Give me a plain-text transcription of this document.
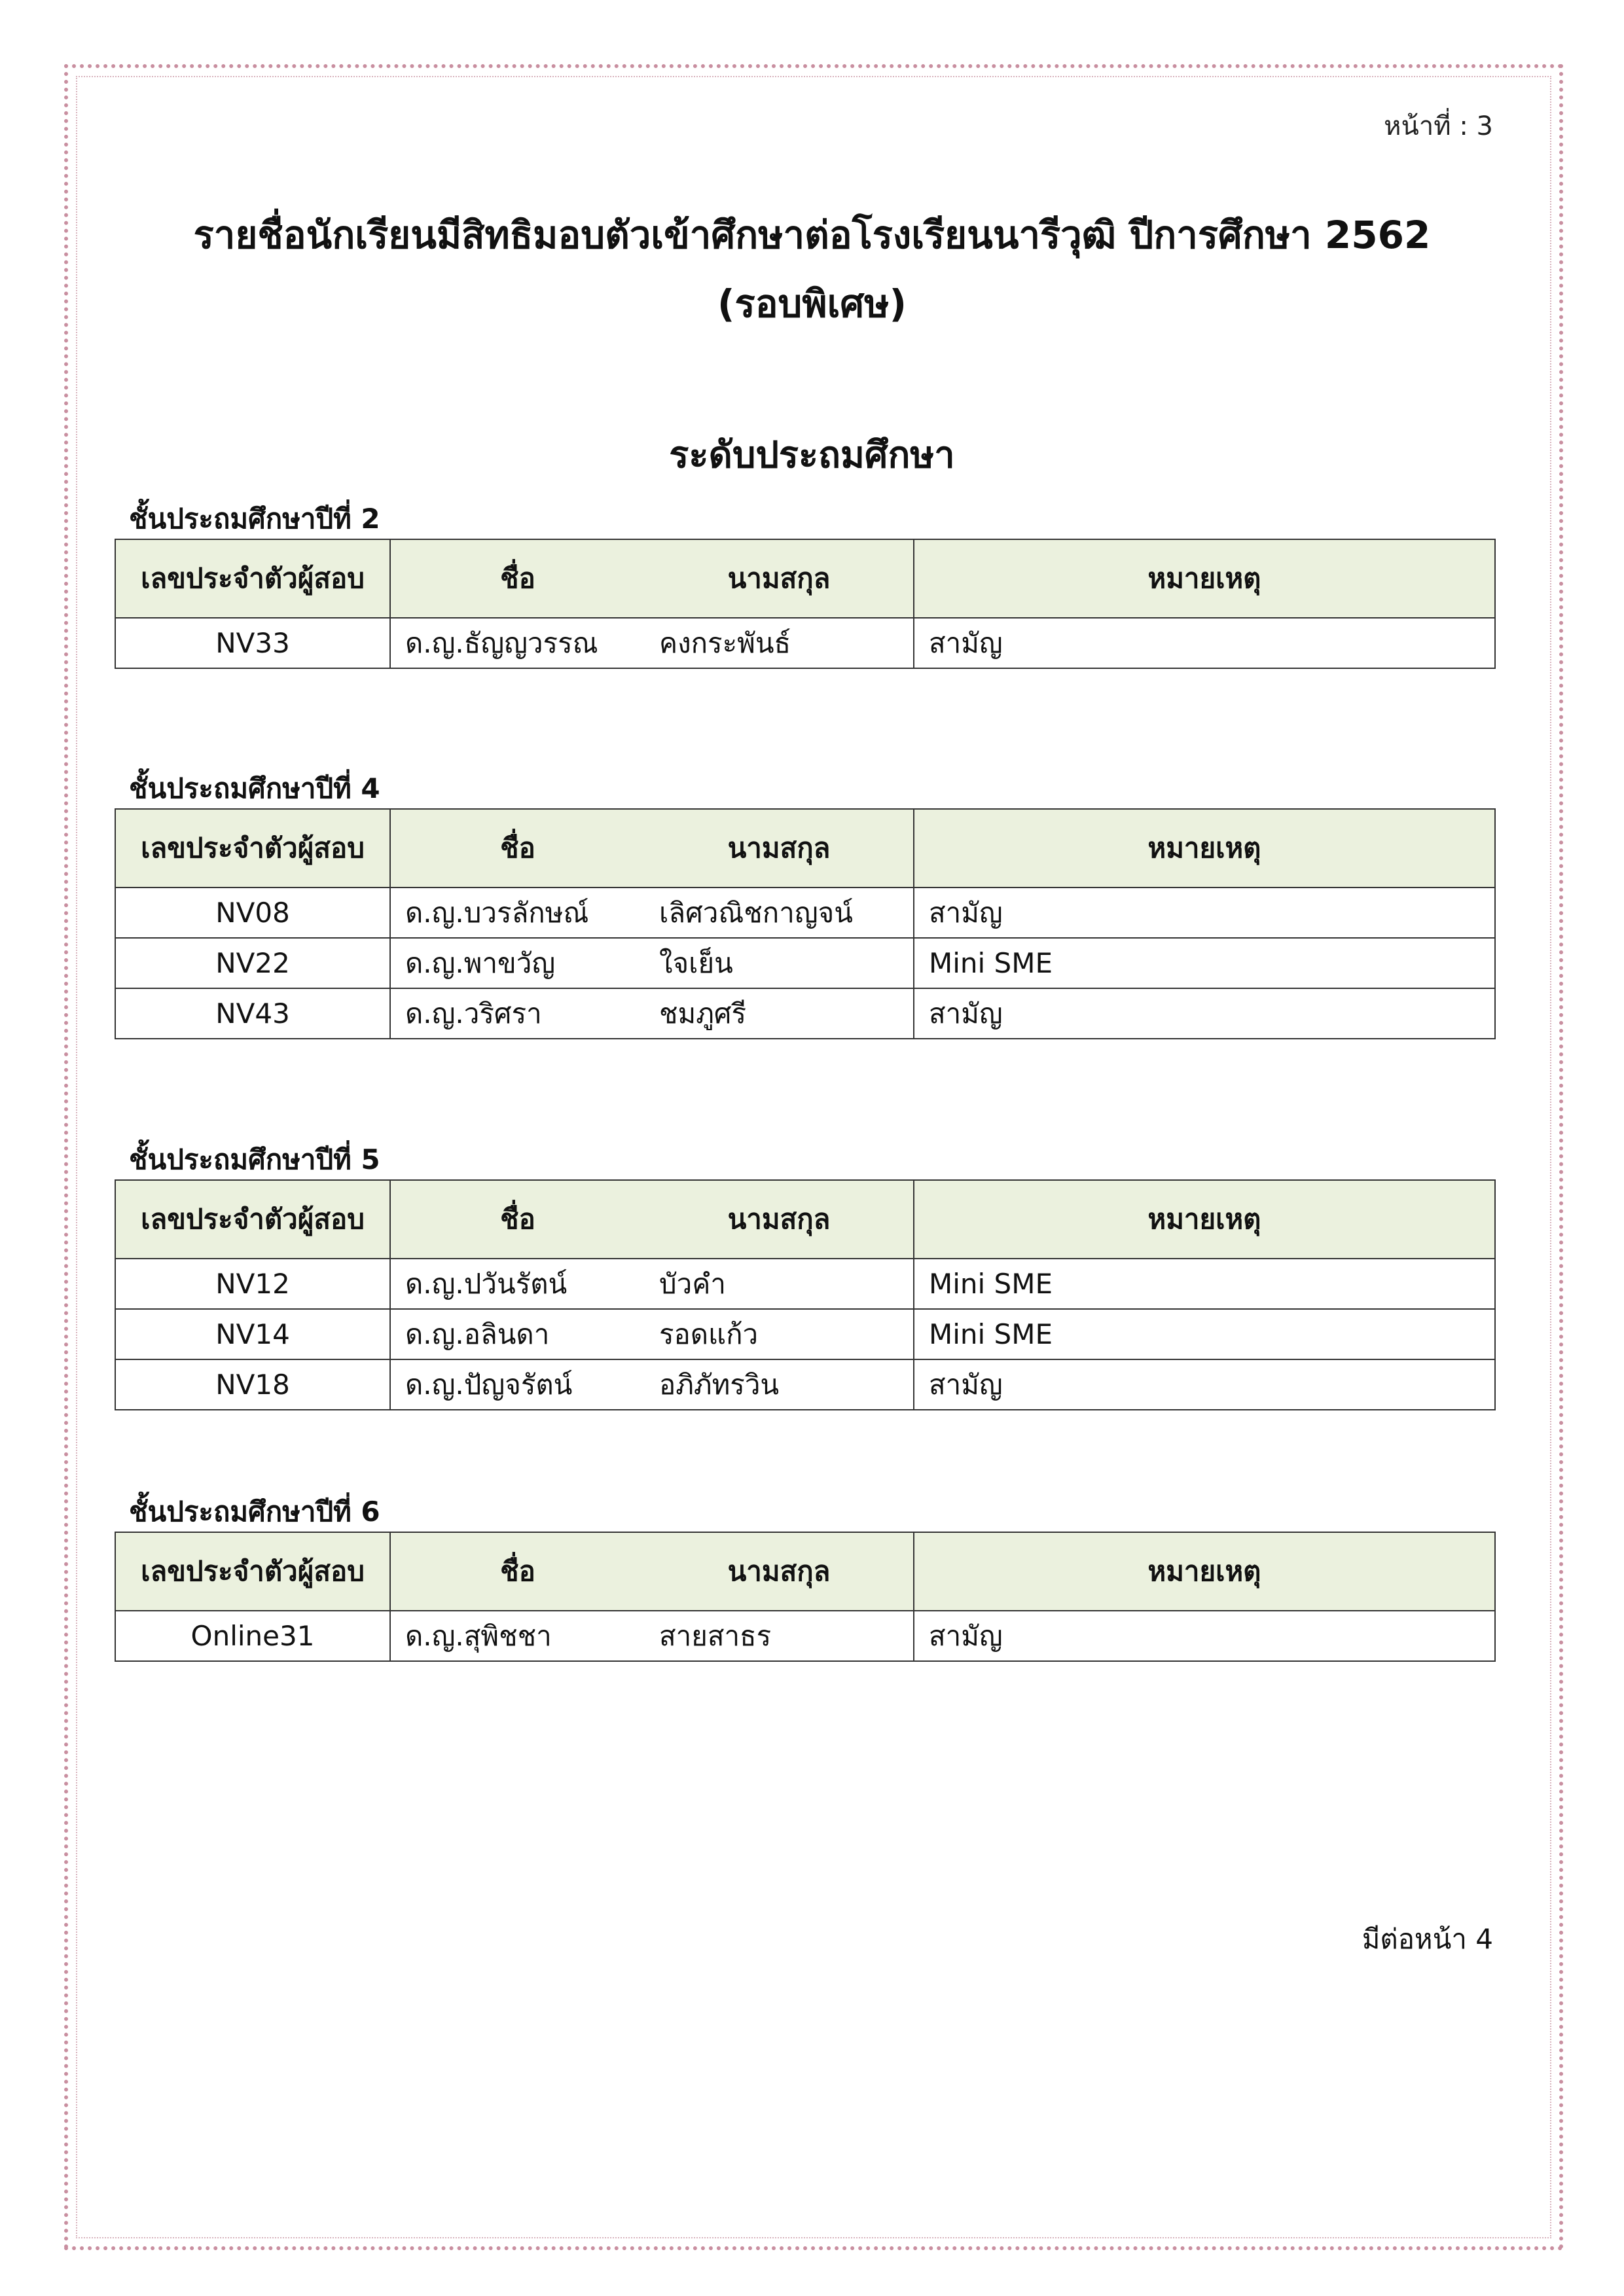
หน้าที่ : 3
รายชื่อนักเรียนมีสิทธิมอบตัวเข้าศึกษาต่อโรงเรียนนารีวุฒิ ปีการศึกษา 2562
(รอบพิเศษ)
ระดับประถมศึกษา
ชั้นประถมศึกษาปีที่ 2
เลขประจำตัวผู้สอบ	ชื่อ	นามสกุล	หมายเหตุ
NV33	ด.ญ.ธัญญวรรณ	คงกระพันธ์	สามัญ
ชั้นประถมศึกษาปีที่ 4
เลขประจำตัวผู้สอบ	ชื่อ	นามสกุล	หมายเหตุ
NV08	ด.ญ.บวรลักษณ์	เลิศวณิชกาญจน์	สามัญ
NV22	ด.ญ.พาขวัญ	ใจเย็น	Mini SME
NV43	ด.ญ.วริศรา	ชมภูศรี	สามัญ
ชั้นประถมศึกษาปีที่ 5
เลขประจำตัวผู้สอบ	ชื่อ	นามสกุล	หมายเหตุ
NV12	ด.ญ.ปวันรัตน์	บัวคำ	Mini SME
NV14	ด.ญ.อลินดา	รอดแก้ว	Mini SME
NV18	ด.ญ.ปัญจรัตน์	อภิภัทรวิน	สามัญ
ชั้นประถมศึกษาปีที่ 6
เลขประจำตัวผู้สอบ	ชื่อ	นามสกุล	หมายเหตุ
Online31	ด.ญ.สุพิชชา	สายสาธร	สามัญ
มีต่อหน้า 4
